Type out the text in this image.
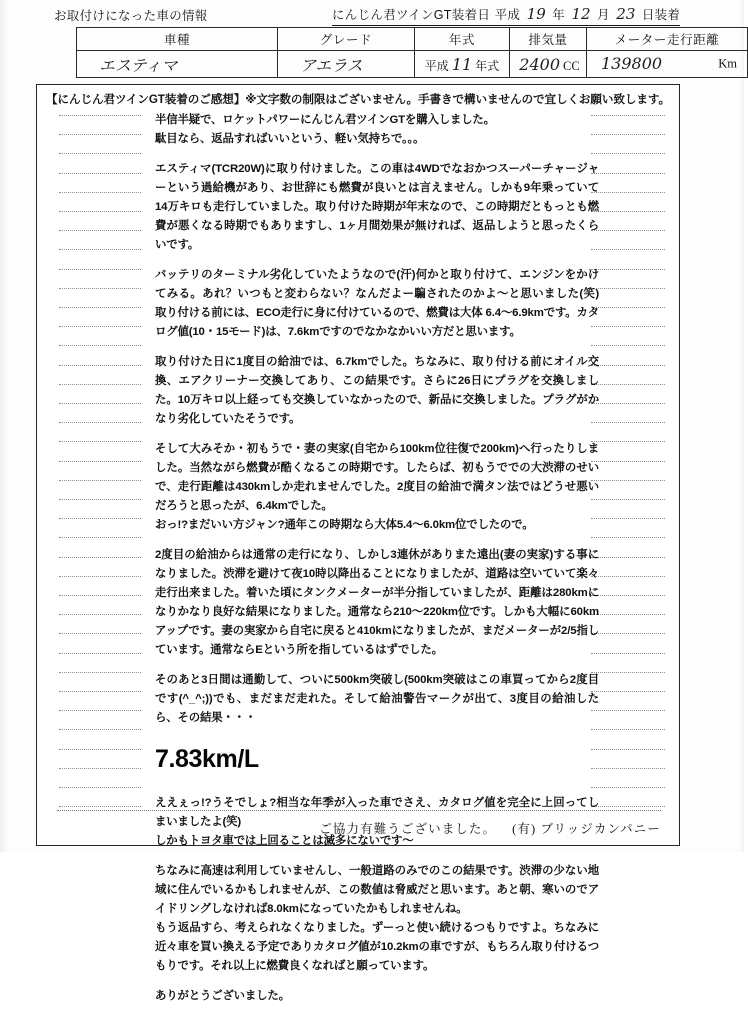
お取付けになった車の情報	にんじん君ツインGT装着日 平成 19 年 12 月 23 日装着
車種	グレード	年式	排気量	メーター走行距離
エスティマ	アエラス	平成 11 年式	2400 CC	139800 Km
【にんじん君ツインGT装着のご感想】※文字数の制限はございません。手書きで構いませんので宜しくお願い致します。

半信半疑で、ロケットパワーにんじん君ツインGTを購入しました。

駄目なら、返品すればいいという、軽い気持ちで。。。

エスティマ(TCR20W)に取り付けました。この車は4WDでなおかつスーパーチャージャーという過給機があり、お世辞にも燃費が良いとは言えません。しかも9年乗っていて14万キロも走行していました。取り付けた時期が年末なので、この時期だともっとも燃費が悪くなる時期でもありますし、1ヶ月間効果が無ければ、返品しようと思ったくらいです。

バッテリのターミナル劣化していたようなので(汗)何かと取り付けて、エンジンをかけてみる。あれ？いつもと変わらない？なんだよー騙されたのかよ～と思いました(笑)　取り付ける前には、ECO走行に身に付けているので、燃費は大体 6.4～6.9kmです。カタログ値(10・15モード)は、7.6kmですのでなかなかいい方だと思います。

取り付けた日に1度目の給油では、6.7kmでした。ちなみに、取り付ける前にオイル交換、エアクリーナー交換してあり、この結果です。さらに26日にプラグを交換しました。10万キロ以上経っても交換していなかったので、新品に交換しました。プラグがかなり劣化していたそうです。

そして大みそか・初もうで・妻の実家(自宅から100km位往復で200km)へ行ったりしました。当然ながら燃費が酷くなるこの時期です。したらば、初もうででの大渋滞のせいで、走行距離は430kmしか走れませんでした。2度目の給油で満タン法ではどうせ悪いだろうと思ったが、6.4kmでした。

おっ!?まだいい方ジャン?通年この時期なら大体5.4～6.0km位でしたので。

2度目の給油からは通常の走行になり、しかし3連休がありまた遠出(妻の実家)する事になりました。渋滞を避けて夜10時以降出ることになりましたが、道路は空いていて楽々走行出来ました。着いた頃にタンクメーターが半分指していましたが、距離は280kmになりかなり良好な結果になりました。通常なら210～220km位です。しかも大幅に60km アップです。妻の実家から自宅に戻ると410kmになりましたが、まだメーターが2/5指しています。通常ならEという所を指しているはずでした。

そのあと3日間は通勤して、ついに500km突破し(500km突破はこの車買ってから2度目です(^_^;))でも、まだまだ走れた。そして給油警告マークが出て、3度目の給油したら、その結果・・・

7.83km/L

ええぇっ!?うそでしょ?相当な年季が入った車でさえ、カタログ値を完全に上回ってしまいましたよ(笑)

しかもトヨタ車では上回ることは滅多にないです～

ちなみに高速は利用していませんし、一般道路のみでのこの結果です。渋滞の少ない地域に住んでいるかもしれませんが、この数値は脅威だと思います。あと朝、寒いのでアイドリングしなければ8.0kmになっていたかもしれませんね。

もう返品すら、考えられなくなりました。ずーっと使い続けるつもりですよ。ちなみに近々車を買い換える予定でありカタログ値が10.2kmの車ですが、もちろん取り付けるつもりです。それ以上に燃費良くなればと願っています。

ありがとうございました。

ご協力有難うございました。 (有) ブリッジカンパニー
